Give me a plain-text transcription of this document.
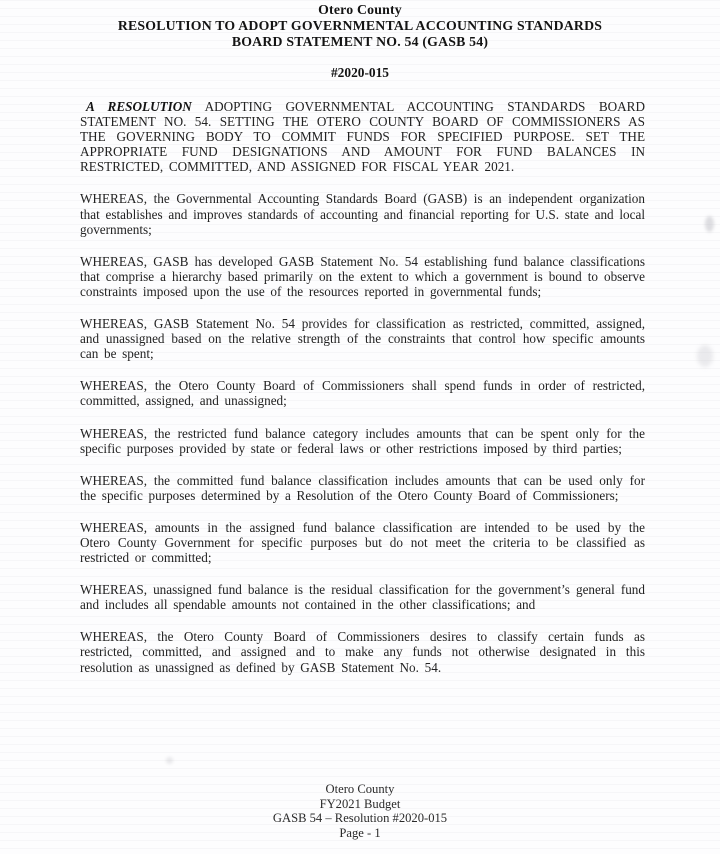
Otero County
RESOLUTION TO ADOPT GOVERNMENTAL ACCOUNTING STANDARDS
BOARD STATEMENT NO. 54 (GASB 54)
#2020-015

A RESOLUTION ADOPTING GOVERNMENTAL ACCOUNTING STANDARDS BOARD STATEMENT NO. 54. SETTING THE OTERO COUNTY BOARD OF COMMISSIONERS AS THE GOVERNING BODY TO COMMIT FUNDS FOR SPECIFIED PURPOSE. SET THE APPROPRIATE FUND DESIGNATIONS AND AMOUNT FOR FUND BALANCES IN RESTRICTED, COMMITTED, AND ASSIGNED FOR FISCAL YEAR 2021.

WHEREAS, the Governmental Accounting Standards Board (GASB) is an independent organization that establishes and improves standards of accounting and financial reporting for U.S. state and local governments;

WHEREAS, GASB has developed GASB Statement No. 54 establishing fund balance classifications that comprise a hierarchy based primarily on the extent to which a government is bound to observe constraints imposed upon the use of the resources reported in governmental funds;

WHEREAS, GASB Statement No. 54 provides for classification as restricted, committed, assigned, and unassigned based on the relative strength of the constraints that control how specific amounts can be spent;

WHEREAS, the Otero County Board of Commissioners shall spend funds in order of restricted, committed, assigned, and unassigned;

WHEREAS, the restricted fund balance category includes amounts that can be spent only for the specific purposes provided by state or federal laws or other restrictions imposed by third parties;

WHEREAS, the committed fund balance classification includes amounts that can be used only for the specific purposes determined by a Resolution of the Otero County Board of Commissioners;

WHEREAS, amounts in the assigned fund balance classification are intended to be used by the Otero County Government for specific purposes but do not meet the criteria to be classified as restricted or committed;

WHEREAS, unassigned fund balance is the residual classification for the government’s general fund and includes all spendable amounts not contained in the other classifications; and

WHEREAS, the Otero County Board of Commissioners desires to classify certain funds as restricted, committed, and assigned and to make any funds not otherwise designated in this resolution as unassigned as defined by GASB Statement No. 54.

Otero County
FY2021 Budget
GASB 54 – Resolution #2020-015
Page - 1
